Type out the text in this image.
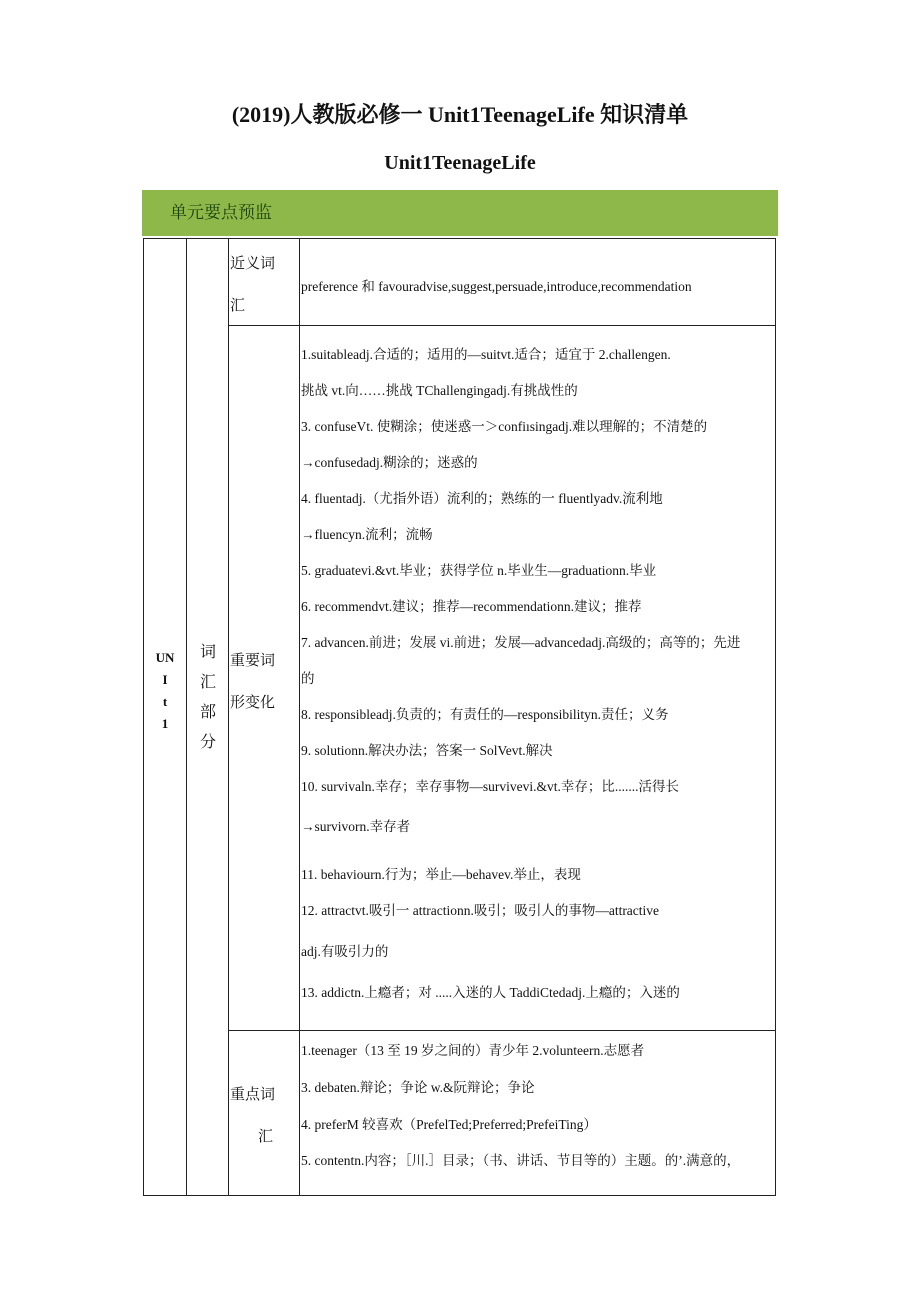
(2019)人教版必修一 Unit1TeenageLife 知识清单
Unit1TeenageLife
单元要点预监
UN
I
t
1
词
汇
部
分
近义词
汇
preference 和 favouradvise,suggest,persuade,introduce,recommendation
重要词
形变化
1.suitableadj.合适的；适用的—suitvt.适合；适宜于 2.challengen.
挑战 vt.向……挑战 TChallengingadj.有挑战性的
3. confuseVt. 使糊涂；使迷惑一＞confiısingadj.难以理解的；不清楚的
→confusedadj.糊涂的；迷惑的
4. fluentadj.（尤指外语）流利的；熟练的一 fluentlyadv.流利地
→fluencyn.流利；流畅
5. graduatevi.&vt.毕业；获得学位 n.毕业生—graduationn.毕业
6. recommendvt.建议；推荐—recommendationn.建议；推荐
7. advancen.前进；发展 vi.前进；发展—advancedadj.高级的；高等的；先进
的
8. responsibleadj.负责的；有责任的—responsibilityn.责任；义务
9. solutionn.解决办法；答案一 SolVevt.解决
10. survivaln.幸存；幸存事物—survivevi.&vt.幸存；比.......活得长
→survivorn.幸存者
11. behaviourn.行为；举止—behavev.举止，表现
12. attractvt.吸引一 attractionn.吸引；吸引人的事物—attractive
adj.有吸引力的
13. addictn.上瘾者；对 .....入迷的人 TaddiCtedadj.上瘾的；入迷的
重点词
汇
1.teenager（13 至 19 岁之间的）青少年 2.volunteern.志愿者
3. debaten.辩论；争论 w.&阮辩论；争论
4. preferM 较喜欢（PrefelTed;Preferred;PrefeiTing）
5. contentn.内容；［川.］目录；（书、讲话、节目等的）主题。的’.满意的，
